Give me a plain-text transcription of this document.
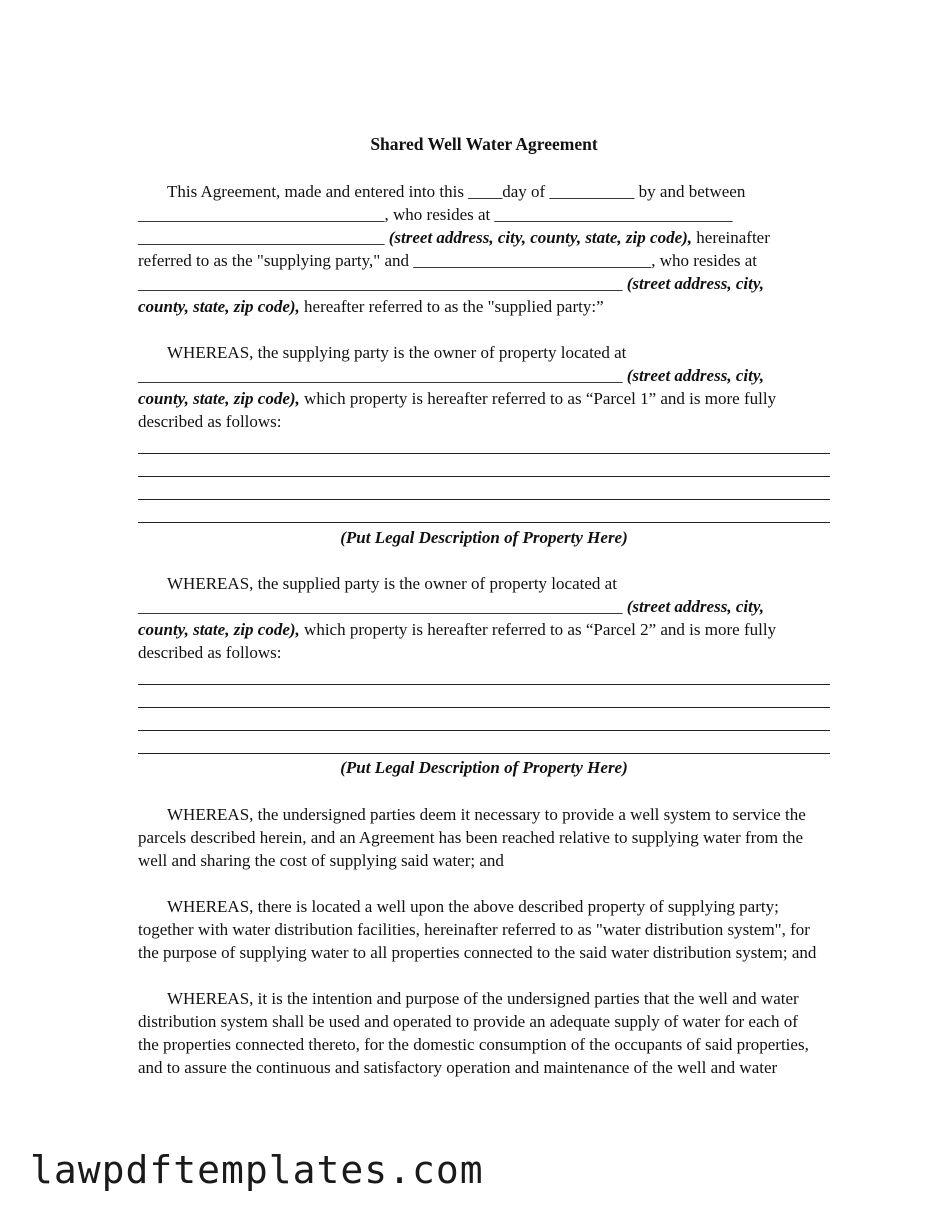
Shared Well Water Agreement
This Agreement, made and entered into this ____day of __________ by and between
_____________________________, who resides at ____________________________
_____________________________ (street address, city, county, state, zip code), hereinafter
referred to as the "supplying party," and ____________________________, who resides at
_________________________________________________________ (street address, city,
county, state, zip code), hereafter referred to as the "supplied party:”
WHEREAS, the supplying party is the owner of property located at
_________________________________________________________ (street address, city,
county, state, zip code), which property is hereafter referred to as “Parcel 1” and is more fully
described as follows:
(Put Legal Description of Property Here)
WHEREAS, the supplied party is the owner of property located at
_________________________________________________________ (street address, city,
county, state, zip code), which property is hereafter referred to as “Parcel 2” and is more fully
described as follows:
(Put Legal Description of Property Here)
WHEREAS, the undersigned parties deem it necessary to provide a well system to service the
parcels described herein, and an Agreement has been reached relative to supplying water from the
well and sharing the cost of supplying said water; and
WHEREAS, there is located a well upon the above described property of supplying party;
together with water distribution facilities, hereinafter referred to as "water distribution system", for
the purpose of supplying water to all properties connected to the said water distribution system; and
WHEREAS, it is the intention and purpose of the undersigned parties that the well and water
distribution system shall be used and operated to provide an adequate supply of water for each of
the properties connected thereto, for the domestic consumption of the occupants of said properties,
and to assure the continuous and satisfactory operation and maintenance of the well and water
lawpdftemplates.com
